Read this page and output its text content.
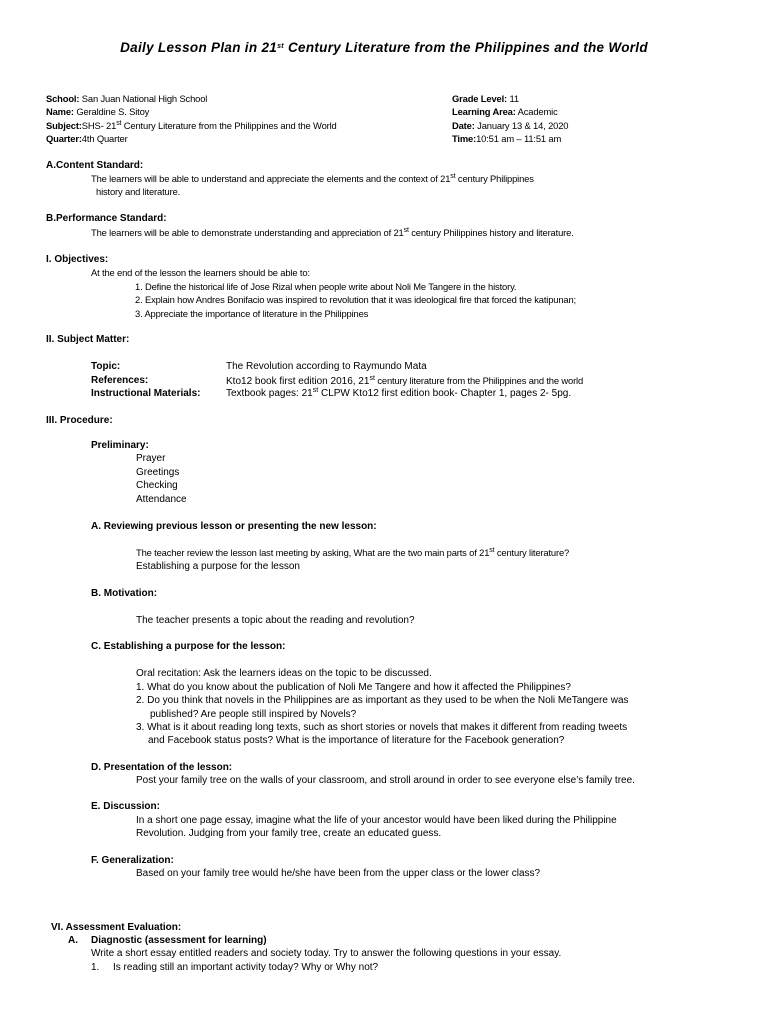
Daily Lesson Plan in 21st Century Literature from the Philippines and the World
School: San Juan National High School
Name: Geraldine S. Sitoy
Subject:SHS- 21st Century Literature from the Philippines and the World
Quarter:4th Quarter
Grade Level: 11
Learning Area: Academic
Date: January 13 & 14, 2020
Time:10:51 am – 11:51 am
A.Content Standard:
The learners will be able to understand and appreciate the elements and the context of 21st century Philippines
history and literature.
B.Performance Standard:
The learners will be able to demonstrate understanding and appreciation of 21st century Philippines history and literature.
I. Objectives:
At the end of the lesson the learners should be able to:
1. Define the historical life of Jose Rizal when people write about Noli Me Tangere in the history.
2. Explain how Andres Bonifacio was inspired to revolution that it was ideological fire that forced the katipunan;
3. Appreciate the importance of literature in the Philippines
II. Subject Matter:
Topic:	The Revolution according to Raymundo Mata
References:	Kto12 book first edition 2016, 21st century literature from the Philippines and the world
Instructional Materials:	Textbook pages: 21st CLPW Kto12 first edition book- Chapter 1, pages 2- 5pg.
III. Procedure:
Preliminary:
Prayer
Greetings
Checking
Attendance
A. Reviewing previous lesson or presenting the new lesson:
The teacher review the lesson last meeting by asking, What are the two main parts of 21st century literature?
Establishing a purpose for the lesson
B. Motivation:
The teacher presents a topic about the reading and revolution?
C. Establishing a purpose for the lesson:
Oral recitation: Ask the learners ideas on the topic to be discussed.
1. What do you know about the publication of Noli Me Tangere and how it affected the Philippines?
2. Do you think that novels in the Philippines are as important as they used to be when the Noli MeTangere was
published? Are people still inspired by Novels?
3. What is it about reading long texts, such as short stories or novels that makes it different from reading tweets
and Facebook status posts? What is the importance of literature for the Facebook generation?
D. Presentation of the lesson:
Post your family tree on the walls of your classroom, and stroll around in order to see everyone else’s family tree.
E. Discussion:
In a short one page essay, imagine what the life of your ancestor would have been liked during the Philippine
Revolution. Judging from your family tree, create an educated guess.
F. Generalization:
Based on your family tree would he/she have been from the upper class or the lower class?
VI. Assessment Evaluation:
A. Diagnostic (assessment for learning)
Write a short essay entitled readers and society today. Try to answer the following questions in your essay.
1. Is reading still an important activity today? Why or Why not?
